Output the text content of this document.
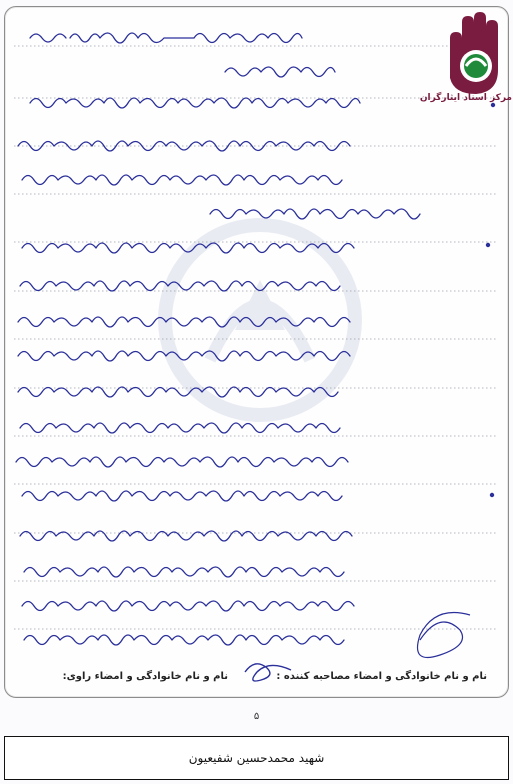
مرکز اسناد ایثارگران
نام و نام خانوادگی و امضاء مصاحبه کننده :
نام و نام خانوادگی و امضاء راوی:
۵
شهید محمدحسین شفیعیون
